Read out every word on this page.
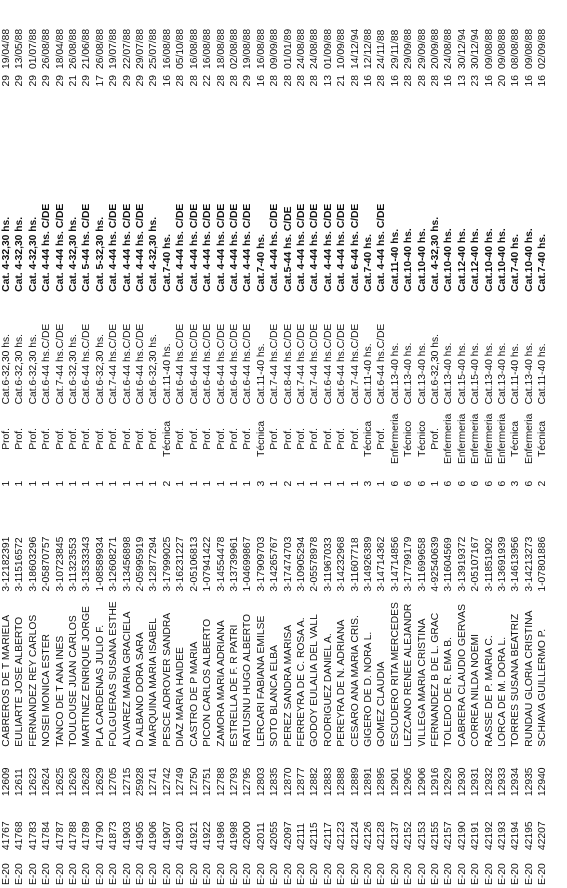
E-20	41767	12609	CABREROS DE T MARIELA	3-12182391	1	Prof.	Cat.6-32,30 hs.	Cat. 4-32,30 hs.	29	19/04/88
E-20	41768	12611	EULIARTE JOSE ALBERTO	3-11516572	1	Prof.	Cat.6-32,30 hs.	Cat. 4-32,30 hs.	29	13/05/88
E-20	41783	12623	FERNANDEZ REY CARLOS	3-18603296	1	Prof.	Cat.6-32,30 hs.	Cat. 4-32,30 hs.	29	01/07/88
E-20	41784	12624	NOSEI MONICA ESTER	2-05870757	1	Prof.	Cat.6-44 hs.C/DE	Cat. 4-44 hs. C/DE	29	26/08/88
E-20	41787	12625	TANCO DE T ANA INES	3-10723845	1	Prof.	Cat.7-44 hs.C/DE	Cat. 4-44 hs. C/DE	29	18/04/88
E-20	41788	12626	TOULOUSE JUAN CARLOS	3-11323553	1	Prof.	Cat.6-32,30 hs.	Cat. 4-32,30 hs.	21	26/08/88
E-20	41789	12628	MARTINEZ ENRIQUE JORGE	3-13533343	1	Prof.	Cat.6-44 hs.C/DE	Cat. 5-44 hs. C/DE	29	21/06/88
E-20	41790	12629	PLA CARDENAS JULIO F.	1-08589934	1	Prof.	Cat.6-32,30 hs.	Cat. 5-32,30 hs.	17	26/08/88
E-20	41873	12705	FOLGUERAS SUSANA ESTHE	3-12608271	1	Prof.	Cat.7-44 hs.C/DE	Cat. 4-44 hs. C/DE	29	19/07/88
E-20	41903	12715	ALVAREZ MARIA GRACIELA	3-13456898	1	Prof.	Cat.6-44 hs.C/DE	Cat. 4-44 hs. C/DE	29	22/07/88
E-20	41905	25928	D ALBANO DORA SARA	2-05995919	1	Prof.	Cat.6-44 hs.C/DE	Cat. 4-44 hs. C/DE	29	29/07/88
E-20	41906	12741	MARQUINA MARIA ISABEL	3-12877294	1	Prof.	Cat.6-32,30 hs.	Cat. 4-32,30 hs.	29	25/07/88
E-20	41907	12742	PESCE ADROVER SANDRA	3-17999025	2	Técnica	Cat.11-40 hs.	Cat.7-40 hs.	16	16/08/88
E-20	41920	12749	DIAZ MARIA HAIDEE	3-16231227	1	Prof.	Cat.6-44 hs.C/DE	Cat. 4-44 hs. C/DE	28	05/10/88
E-20	41921	12750	CASTRO DE P MARIA	2-05106813	1	Prof.	Cat.6-44 hs.C/DE	Cat. 4-44 hs. C/DE	28	16/08/88
E-20	41922	12751	PICON CARLOS ALBERTO	1-07941422	1	Prof.	Cat.6-44 hs.C/DE	Cat. 4-44 hs. C/DE	22	16/08/88
E-20	41986	12788	ZAMORA MARIA ADRIANA	3-14554478	1	Prof.	Cat.6-44 hs.C/DE	Cat. 4-44 hs. C/DE	28	18/08/88
E-20	41998	12793	ESTRELLA DE F. R PATRI	3-13739961	1	Prof.	Cat.6-44 hs.C/DE	Cat. 4-44 hs. C/DE	28	02/08/88
E-20	42000	12795	RATUSNU HUGO ALBERTO	1-04699867	1	Prof.	Cat.6-44 hs.C/DE	Cat. 4-44 hs. C/DE	29	19/08/88
E-20	42011	12803	LERCARI FABIANA EMILSE	3-17909703	3	Técnica	Cat.11-40 hs.	Cat.7-40 hs.	16	16/08/88
E-20	42055	12835	SOTO BLANCA ELBA	3-14265767	1	Prof.	Cat.7-44 hs.C/DE	Cat. 4-44 hs. C/DE	28	09/09/88
E-20	42097	12870	PEREZ SANDRA MARISA	3-17474703	2	Prof.	Cat.8-44 hs.C/DE	Cat.5-44 hs. C/DE	28	01/01/89
E-20	42111	12877	FERREYRA DE C. ROSA A.	3-10905294	1	Prof.	Cat.7-44 hs.C/DE	Cat. 4-44 hs. C/DE	28	24/08/88
E-20	42115	12882	GODOY EULALIA DEL VALL	2-05578978	1	Prof.	Cat.7-44 hs.C/DE	Cat. 4-44 hs. C/DE	28	24/08/88
E-20	42117	12883	RODRIGUEZ DANIEL A.	3-11967033	1	Prof.	Cat.6-44 hs.C/DE	Cat. 4-44 hs. C/DE	13	01/09/88
E-20	42123	12888	PEREYRA DE N. ADRIANA	3-14232968	1	Prof.	Cat.6-44 hs.C/DE	Cat. 4-44 hs. C/DE	21	10/09/88
E-20	42124	12889	CESARO ANA MARIA CRIS.	3-11607718	1	Prof.	Cat.7-44 hs.C/DE	Cat. 6-44 hs. C/DE	28	14/12/94
E-20	42126	12891	GIGERO DE D. NORA L.	3-14926389	3	Técnica	Cat.11-40 hs.	Cat.7-40 hs.	16	12/12/88
E-20	42128	12895	GOMEZ CLAUDIA	3-14714362	1	Prof.	Cat.6-44 hs.C/DE	Cat. 4-44 hs. C/DE	28	24/11/88
E-20	42137	12901	ESCUDERO RITA MERCEDES	3-14714856	6	Enfermeria	Cat.13-40 hs.	Cat.11-40 hs.	16	29/11/88
E-20	42152	12905	LEZCANO RENEE ALEJANDR	3-17799179	6	Técnico	Cat.13-40 hs.	Cat.10-40 hs.	28	29/09/88
E-20	42153	12906	VILLEGA MARIA CRISTINA	3-11699658	6	Técnico	Cat.13-40 hs.	Cat.10-40 hs.	28	29/09/88
E-20	42155	12916	FERNANDEZ B DE L. GRAC	4-92540639	1	Prof.	Cat.6-32,30 hs.	Cat. 4-32,30 hs.	28	20/09/88
E-20	42157	12929	TOLEDO DE R. EMA B.	3-11604569	6	Enfermeria	Cat.13-40 hs.	Cat.10-40 hs.	16	24/08/88
E-20	42190	12930	CABRERA CLAUDIO GERVAS	3-13919372	6	Enfermeria	Cat.15-40 hs.	Cat.12-40 hs.	13	30/12/94
E-20	42191	12931	CORREA NILDA NOEMI	2-05107167	6	Enfermeria	Cat.15-40 hs.	Cat.12-40 hs.	23	30/12/94
E-20	42192	12932	RASSE DE P. MARIA C.	3-11851902	6	Enfermeria	Cat.13-40 hs.	Cat.10-40 hs.	16	09/08/88
E-20	42193	12933	LORCA DE M. DORA L.	3-13691939	6	Enfermeria	Cat.13-40 hs.	Cat.10-40 hs.	20	09/08/88
E-20	42194	12934	TORRES SUSANA BEATRIZ	3-14613956	3	Técnica	Cat.11-40 hs.	Cat.7-40 hs.	16	08/08/88
E-20	42195	12935	RUNDAU GLORIA CRISTINA	3-14213273	6	Enfermeria	Cat.13-40 hs.	Cat.10-40 hs.	16	09/08/88
E-20	42207	12940	SCHIAVA GUILLERMO P.	1-07801886	2	Técnica	Cat.11-40 hs.	Cat.7-40 hs.	16	02/09/88
